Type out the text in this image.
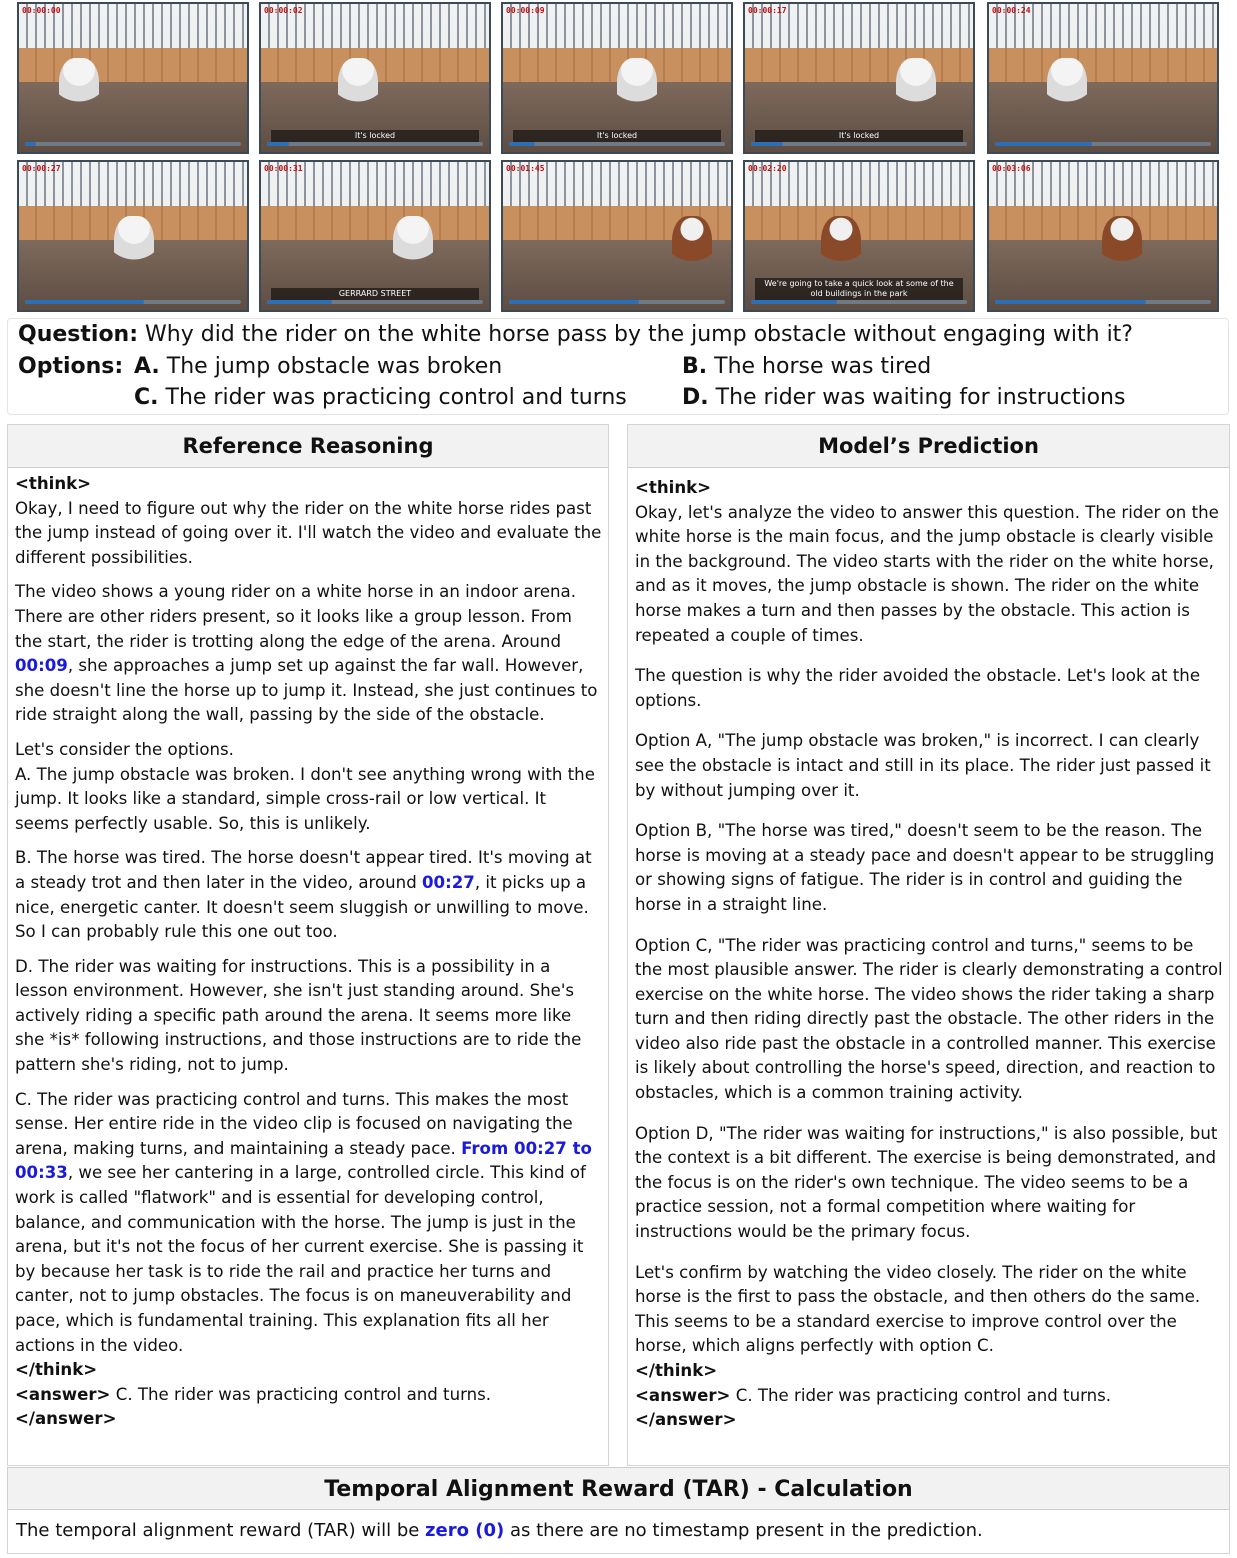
00:00:00	00:00:02
It's locked
00:00:09
It's locked
00:00:17
It's locked
00:00:24
00:00:27	00:00:31
GERRARD STREET
00:01:45	00:02:20
We're going to take a quick look at some of the old buildings in the park
00:03:06
Question: Why did the rider on the white horse pass by the jump obstacle without engaging with it?
Options: A. The jump obstacle was broken	B. The horse was tired
C. The rider was practicing control and turns	D. The rider was waiting for instructions
Reference Reasoning

<think>

Okay, I need to figure out why the rider on the white horse rides past the jump instead of going over it. I'll watch the video and evaluate the different possibilities.

The video shows a young rider on a white horse in an indoor arena. There are other riders present, so it looks like a group lesson. From the start, the rider is trotting along the edge of the arena. Around 00:09, she approaches a jump set up against the far wall. However, she doesn't line the horse up to jump it. Instead, she just continues to ride straight along the wall, passing by the side of the obstacle.

Let's consider the options.

A. The jump obstacle was broken. I don't see anything wrong with the jump. It looks like a standard, simple cross-rail or low vertical. It seems perfectly usable. So, this is unlikely.

B. The horse was tired. The horse doesn't appear tired. It's moving at a steady trot and then later in the video, around 00:27, it picks up a nice, energetic canter. It doesn't seem sluggish or unwilling to move. So I can probably rule this one out too.

D. The rider was waiting for instructions. This is a possibility in a lesson environment. However, she isn't just standing around. She's actively riding a specific path around the arena. It seems more like she *is* following instructions, and those instructions are to ride the pattern she's riding, not to jump.

C. The rider was practicing control and turns. This makes the most sense. Her entire ride in the video clip is focused on navigating the arena, making turns, and maintaining a steady pace. From 00:27 to 00:33, we see her cantering in a large, controlled circle. This kind of work is called "flatwork" and is essential for developing control, balance, and communication with the horse. The jump is just in the arena, but it's not the focus of her current exercise. She is passing it by because her task is to ride the rail and practice her turns and canter, not to jump obstacles. The focus is on maneuverability and pace, which is fundamental training. This explanation fits all her actions in the video.

</think>

<answer> C. The rider was practicing control and turns.

</answer>

Model’s Prediction

<think>

Okay, let's analyze the video to answer this question. The rider on the white horse is the main focus, and the jump obstacle is clearly visible in the background. The video starts with the rider on the white horse, and as it moves, the jump obstacle is shown. The rider on the white horse makes a turn and then passes by the obstacle. This action is repeated a couple of times.

The question is why the rider avoided the obstacle. Let's look at the options.

Option A, "The jump obstacle was broken," is incorrect. I can clearly see the obstacle is intact and still in its place. The rider just passed it by without jumping over it.

Option B, "The horse was tired," doesn't seem to be the reason. The horse is moving at a steady pace and doesn't appear to be struggling or showing signs of fatigue. The rider is in control and guiding the horse in a straight line.

Option C, "The rider was practicing control and turns," seems to be the most plausible answer. The rider is clearly demonstrating a control exercise on the white horse. The video shows the rider taking a sharp turn and then riding directly past the obstacle. The other riders in the video also ride past the obstacle in a controlled manner. This exercise is likely about controlling the horse's speed, direction, and reaction to obstacles, which is a common training activity.

Option D, "The rider was waiting for instructions," is also possible, but the context is a bit different. The exercise is being demonstrated, and the focus is on the rider's own technique. The video seems to be a practice session, not a formal competition where waiting for instructions would be the primary focus.

Let's confirm by watching the video closely. The rider on the white horse is the first to pass the obstacle, and then others do the same. This seems to be a standard exercise to improve control over the horse, which aligns perfectly with option C.

</think>

<answer> C. The rider was practicing control and turns.

</answer>

Temporal Alignment Reward (TAR) - Calculation
The temporal alignment reward (TAR) will be zero (0) as there are no timestamp present in the prediction.
